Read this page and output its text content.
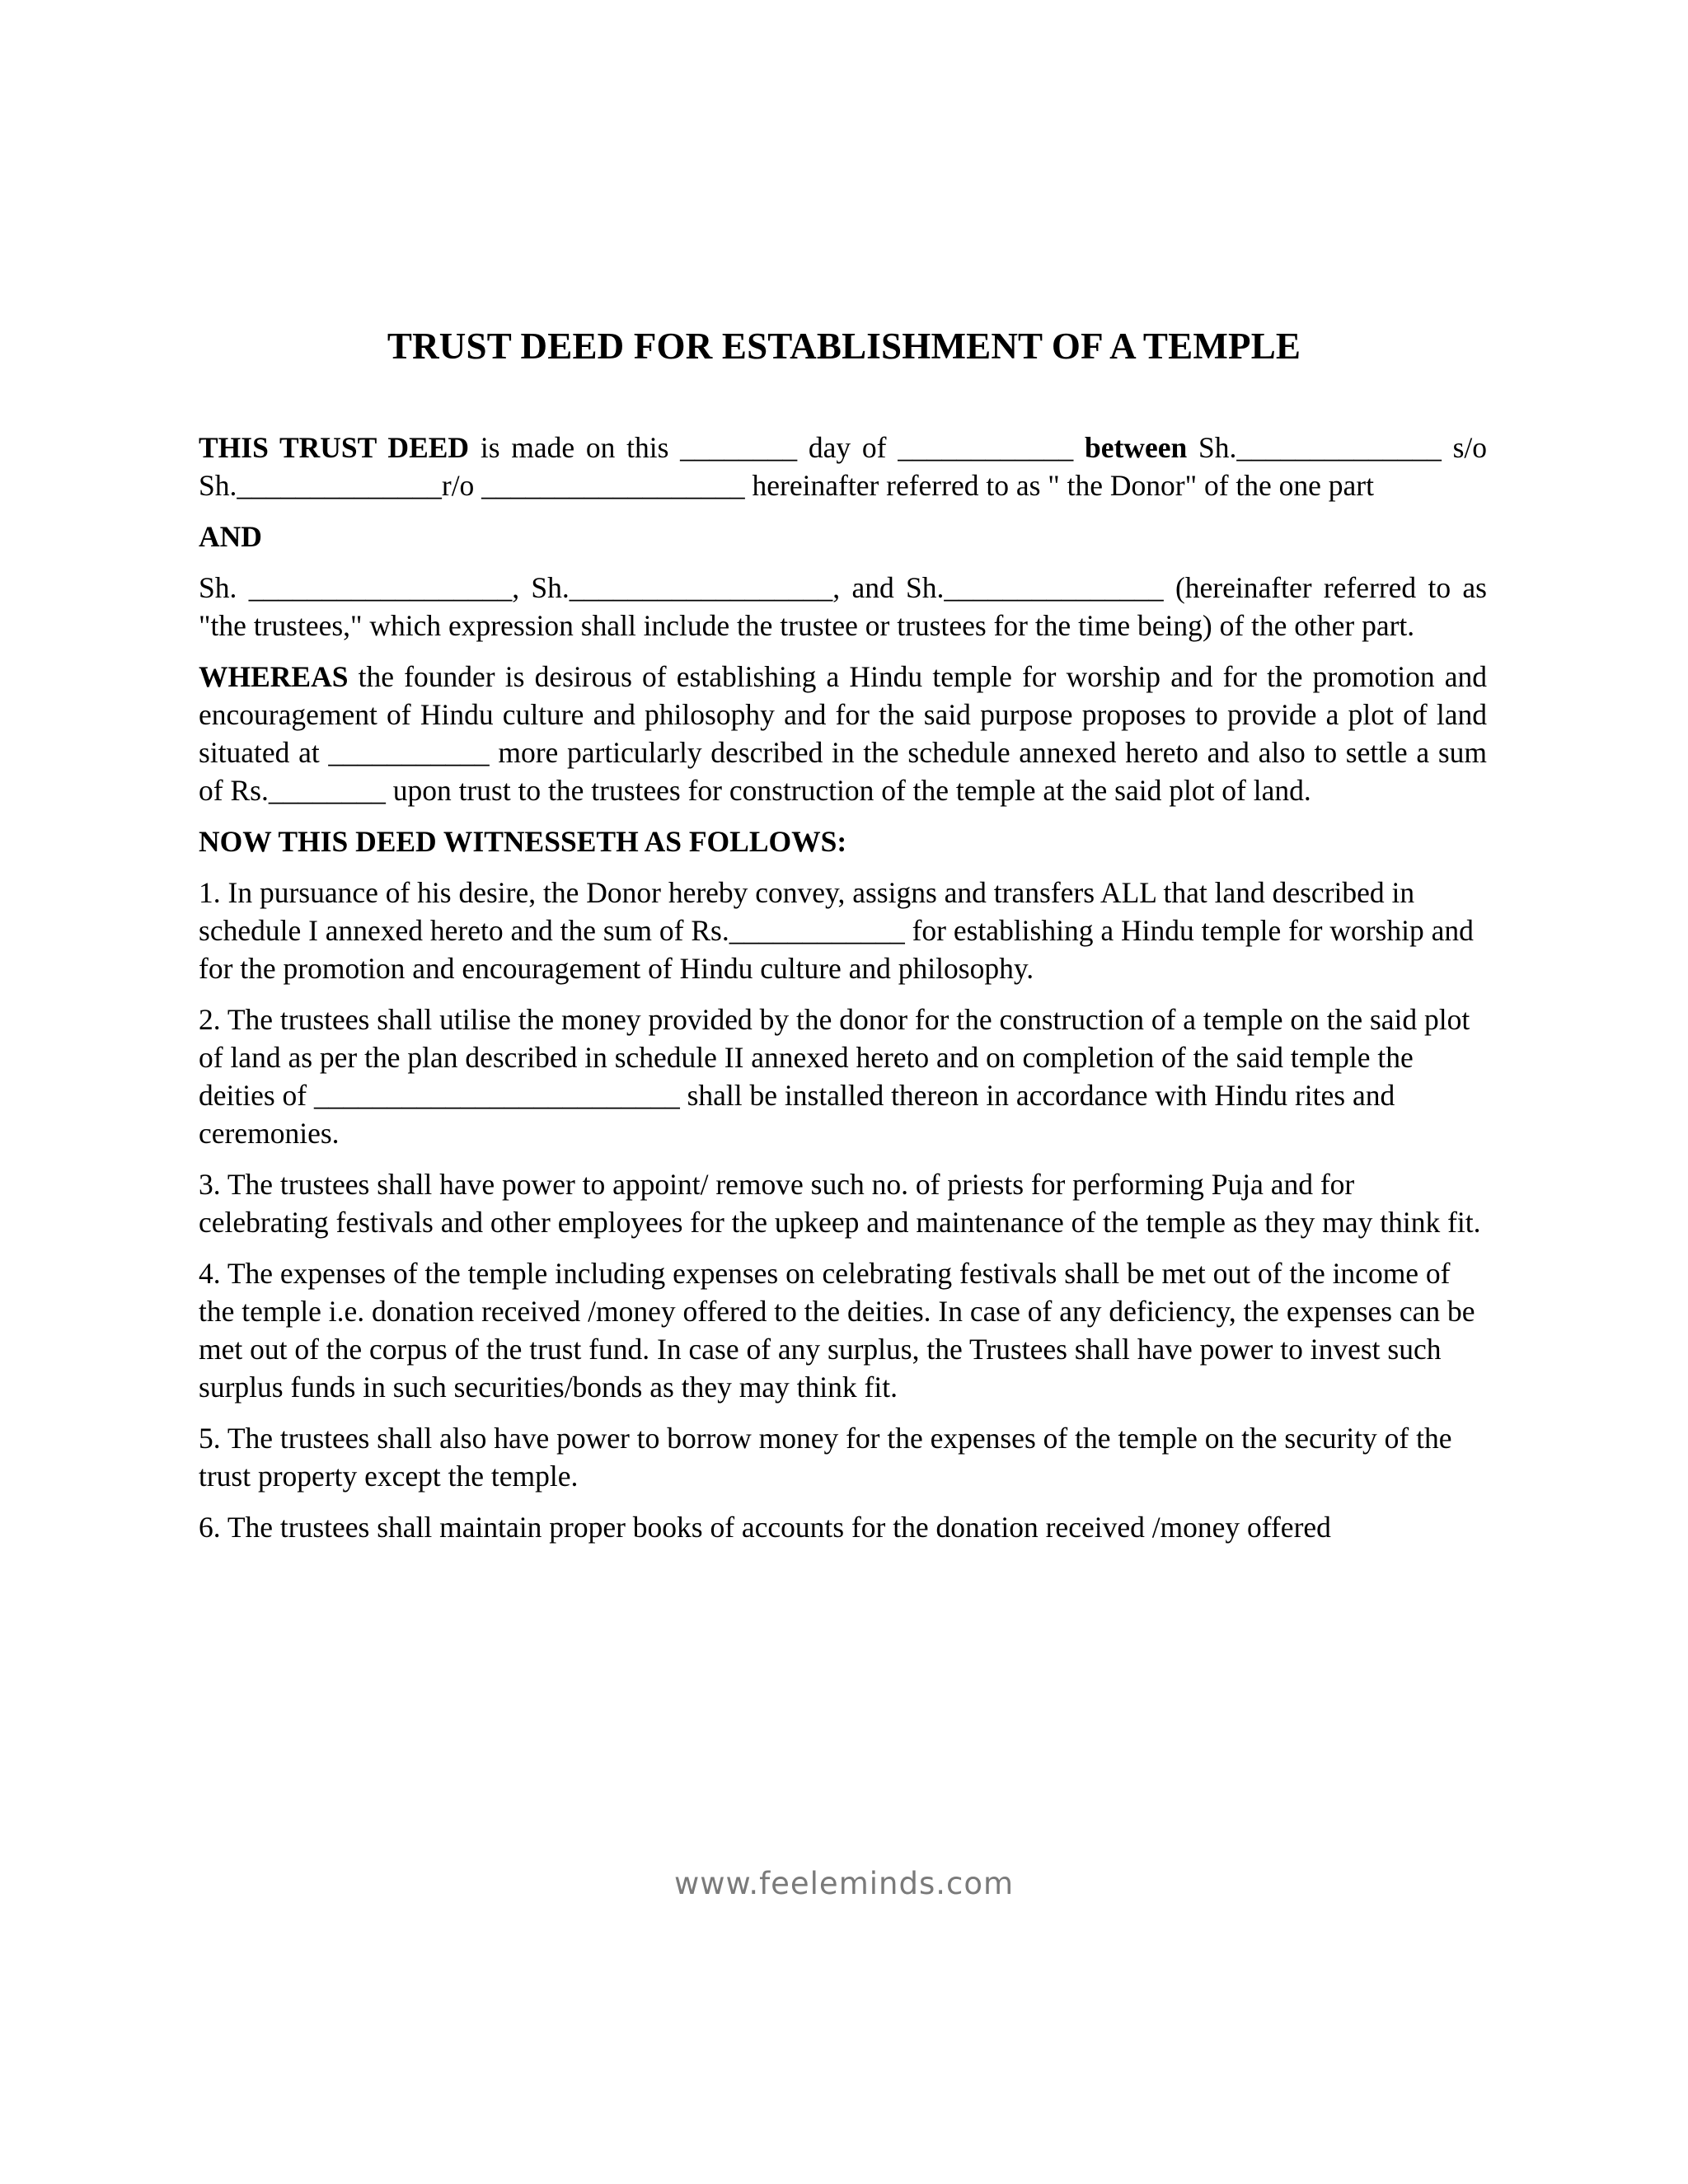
TRUST DEED FOR ESTABLISHMENT OF A TEMPLE

THIS TRUST DEED is made on this ________ day of ____________ between Sh.______________ s/o Sh.______________r/o __________________ hereinafter referred to as " the Donor" of the one part

AND

Sh. __________________, Sh.__________________, and Sh._______________ (hereinafter referred to as "the trustees," which expression shall include the trustee or trustees for the time being) of the other part.

WHEREAS the founder is desirous of establishing a Hindu temple for worship and for the promotion and encouragement of Hindu culture and philosophy and for the said purpose proposes to provide a plot of land situated at ___________ more particularly described in the schedule annexed hereto and also to settle a sum of Rs.________ upon trust to the trustees for construction of the temple at the said plot of land.

NOW THIS DEED WITNESSETH AS FOLLOWS:

1. In pursuance of his desire, the Donor hereby convey, assigns and transfers ALL that land described in schedule I annexed hereto and the sum of Rs.____________ for establishing a Hindu temple for worship and for the promotion and encouragement of Hindu culture and philosophy.

2. The trustees shall utilise the money provided by the donor for the construction of a temple on the said plot of land as per the plan described in schedule II annexed hereto and on completion of the said temple the deities of _________________________ shall be installed thereon in accordance with Hindu rites and ceremonies.

3. The trustees shall have power to appoint/ remove such no. of priests for performing Puja and for celebrating festivals and other employees for the upkeep and maintenance of the temple as they may think fit.

4. The expenses of the temple including expenses on celebrating festivals shall be met out of the income of the temple i.e. donation received /money offered to the deities. In case of any deficiency, the expenses can be met out of the corpus of the trust fund. In case of any surplus, the Trustees shall have power to invest such surplus funds in such securities/bonds as they may think fit.

5. The trustees shall also have power to borrow money for the expenses of the temple on the security of the trust property except the temple.

6. The trustees shall maintain proper books of accounts for the donation received /money offered

www.feeleminds.com
